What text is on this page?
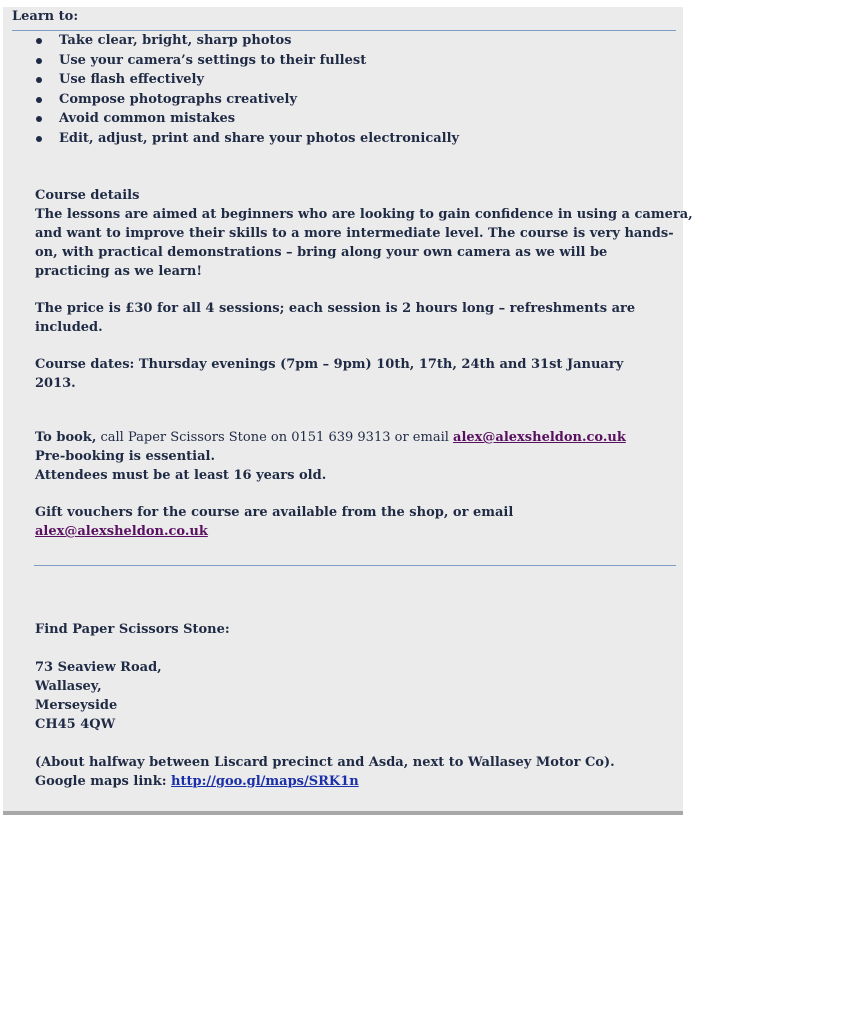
Learn to:
Take clear, bright, sharp photos
Use your camera’s settings to their fullest
Use flash effectively
Compose photographs creatively
Avoid common mistakes
Edit, adjust, print and share your photos electronically
Course details
The lessons are aimed at beginners who are looking to gain confidence in using a camera,
and want to improve their skills to a more intermediate level. The course is very hands-
on, with practical demonstrations – bring along your own camera as we will be
practicing as we learn!
The price is £30 for all 4 sessions; each session is 2 hours long – refreshments are
included.
Course dates: Thursday evenings (7pm – 9pm) 10th, 17th, 24th and 31st January
2013.
To book, call Paper Scissors Stone on 0151 639 9313 or email alex@alexsheldon.co.uk
Pre-booking is essential.
Attendees must be at least 16 years old.
Gift vouchers for the course are available from the shop, or email
alex@alexsheldon.co.uk
Find Paper Scissors Stone:
73 Seaview Road,
Wallasey,
Merseyside
CH45 4QW
(About halfway between Liscard precinct and Asda, next to Wallasey Motor Co).
Google maps link: http://goo.gl/maps/SRK1n
